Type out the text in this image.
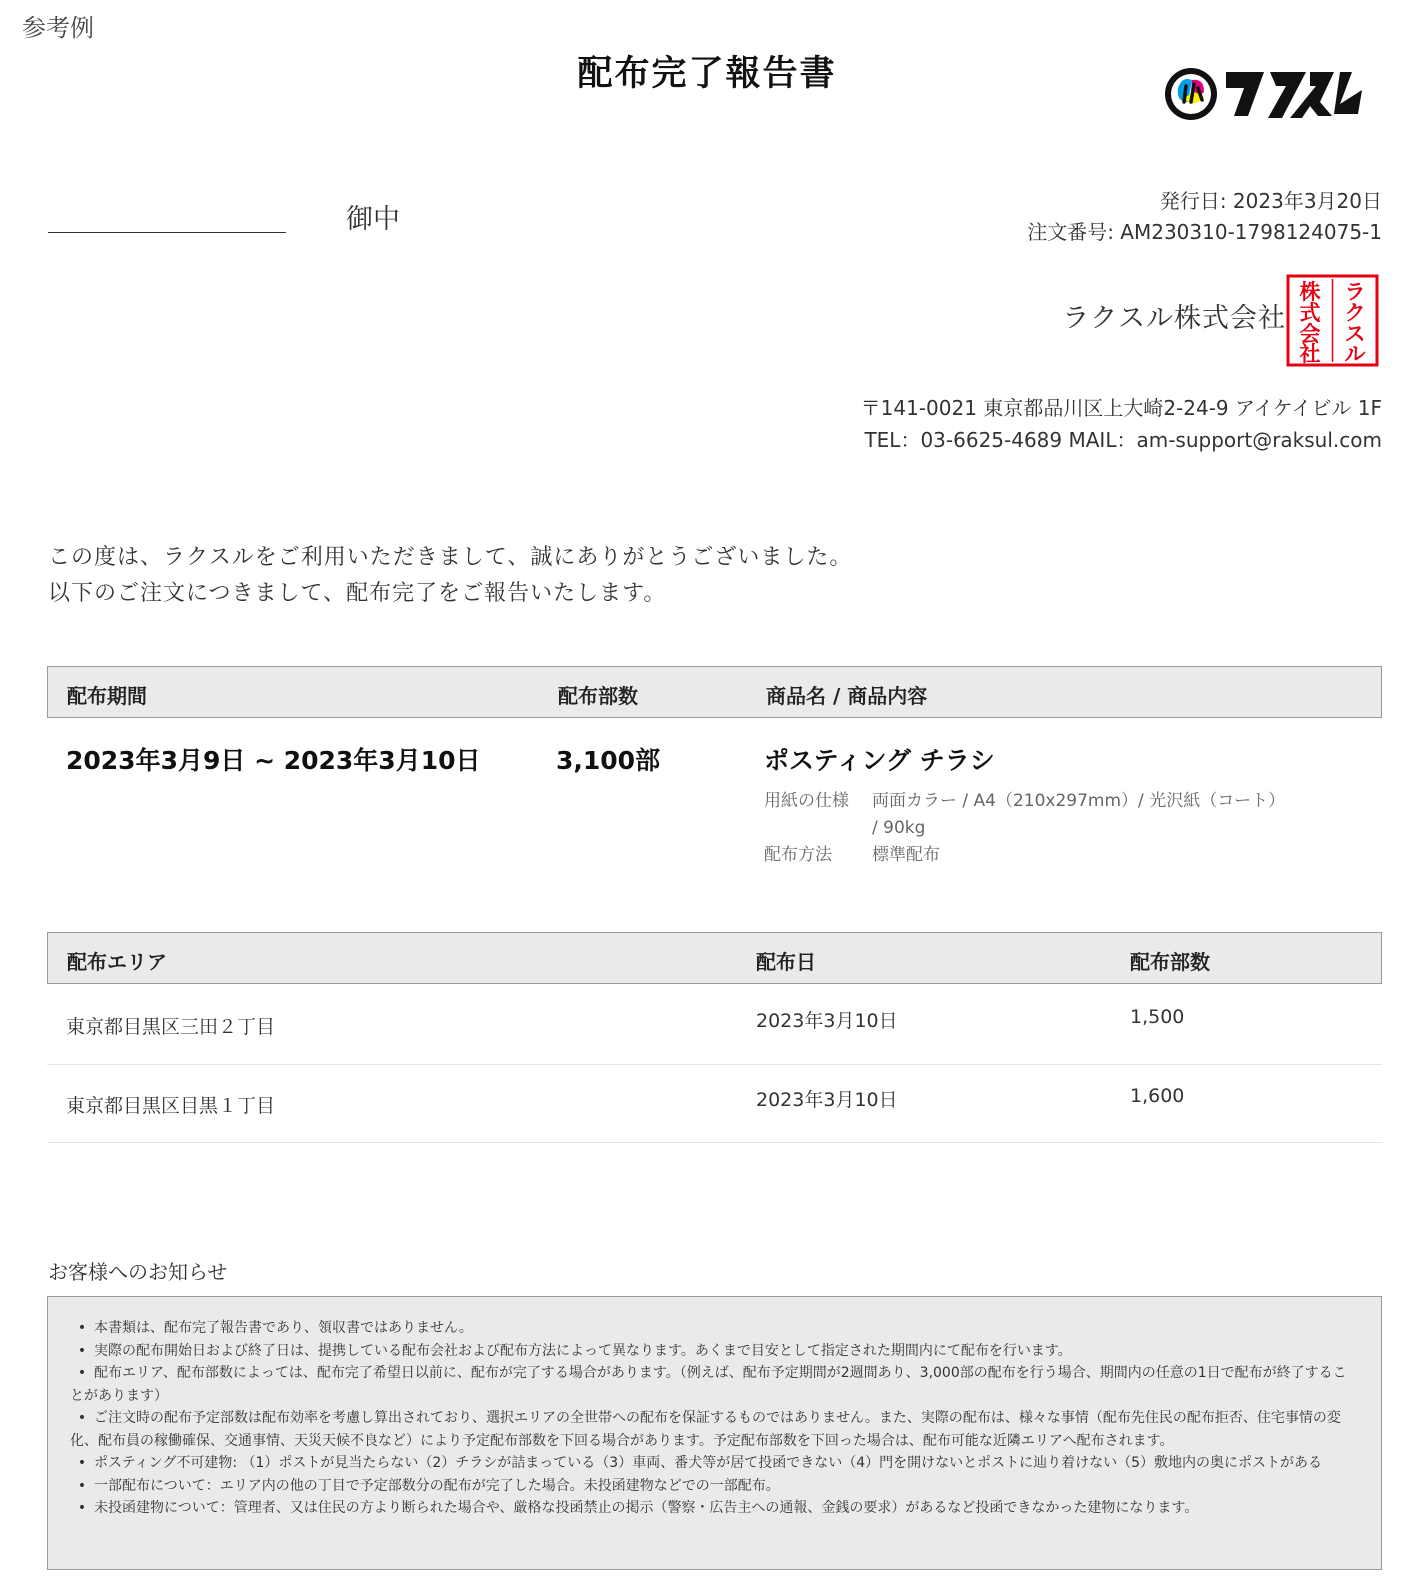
参考例
配布完了報告書
御中
発行日: 2023年3月20日
注文番号: AM230310-1798124075-1
ラクスル株式会社
ラ
ク
ス
ル
株
式
会
社
〒141-0021 東京都品川区上大崎2-24-9 アイケイビル 1F
TEL：03-6625-4689 MAIL：am-support@raksul.com
この度は、ラクスルをご利用いただきまして、誠にありがとうございました。
以下のご注文につきまして、配布完了をご報告いたします。
配布期間	配布部数	商品名 / 商品内容
2023年3月9日 ~ 2023年3月10日	3,100部	ポスティング チラシ
用紙の仕様 両面カラー / A4（210x297mm）/ 光沢紙（コート） / 90kg
配布方法	標準配布
配布エリア	配布日	配布部数
東京都目黒区三田２丁目	2023年3月10日	1,500
東京都目黒区目黒１丁目	2023年3月10日	1,600
お客様へのお知らせ
• 本書類は、配布完了報告書であり、領収書ではありません。
• 実際の配布開始日および終了日は、提携している配布会社および配布方法によって異なります。あくまで目安として指定された期間内にて配布を行います。
• 配布エリア、配布部数によっては、配布完了希望日以前に、配布が完了する場合があります。（例えば、配布予定期間が2週間あり、3,000部の配布を行う場合、期間内の任意の1日で配布が終了することがあります）
• ご注文時の配布予定部数は配布効率を考慮し算出されており、選択エリアの全世帯への配布を保証するものではありません。また、実際の配布は、様々な事情（配布先住民の配布拒否、住宅事情の変化、配布員の稼働確保、交通事情、天災天候不良など）により予定配布部数を下回る場合があります。予定配布部数を下回った場合は、配布可能な近隣エリアへ配布されます。
• ポスティング不可建物: （1）ポストが見当たらない（2）チラシが詰まっている（3）車両、番犬等が居て投函できない（4）門を開けないとポストに辿り着けない（5）敷地内の奥にポストがある
• 一部配布について：エリア内の他の丁目で予定部数分の配布が完了した場合。未投函建物などでの一部配布。
• 未投函建物について：管理者、又は住民の方より断られた場合や、厳格な投函禁止の掲示（警察・広告主への通報、金銭の要求）があるなど投函できなかった建物になります。
